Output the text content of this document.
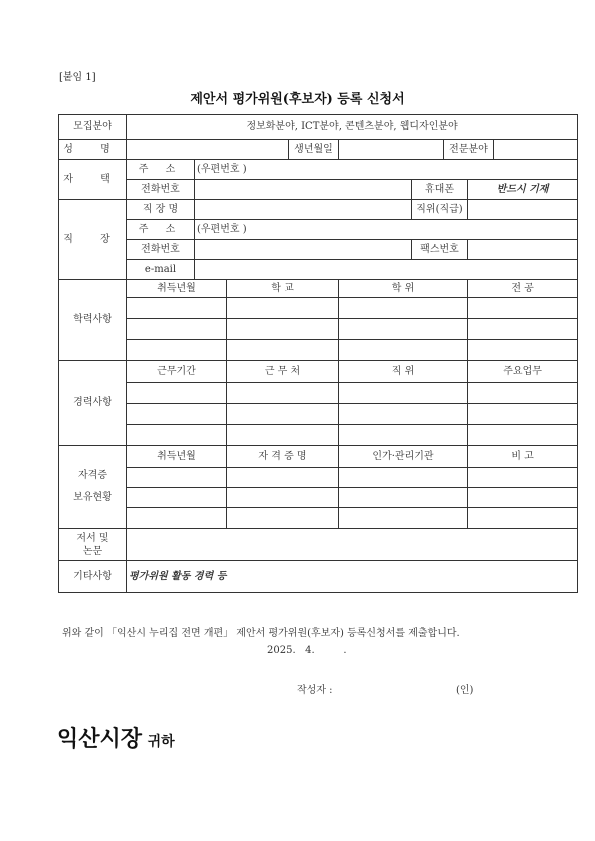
[붙임 1]
제안서 평가위원(후보자) 등록 신청서
모집분야	정보화분야, ICT분야, 콘텐츠분야, 웹디자인분야								
성 명				생년월일			전문분야		
자 택	주 소	(우편번호 )							
	전화번호					휴대폰		반드시 기재	
직 장	직 장 명					직위(직급)			
	주 소	(우편번호 )							
	전화번호					팩스번호			
	e-mail								
학력사항	취득년월		학 교		학 위			전 공	

경력사항	근무기간		근 무 처		직 위			주요업무	

자격증
보유현황	취득년월		자 격 증 명		인가·관리기관			비 고	

저서 및
논문									
기타사항	평가위원 활동 경력 등								
위와 같이 「익산시 누리집 전면 개편」 제안서 평가위원(후보자) 등록신청서를 제출합니다.
2025.   4.         .
작성자 :	(인)
익산시장 귀하
